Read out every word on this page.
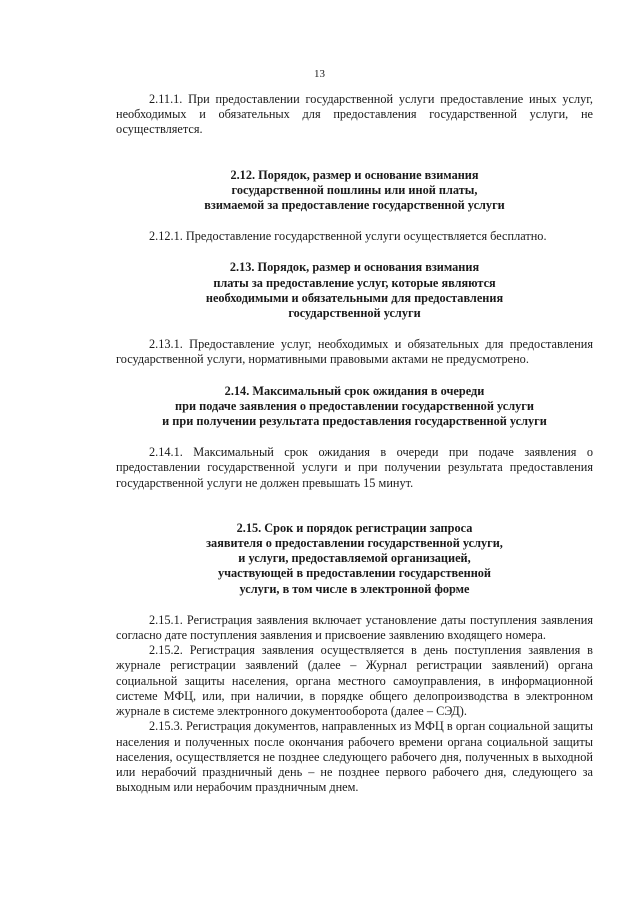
13

2.11.1. При предоставлении государственной услуги предоставление иных услуг, необходимых и обязательных для предоставления государственной услуги, не осуществляется.

2.12. Порядок, размер и основание взимания
государственной пошлины или иной платы,
взимаемой за предоставление государственной услуги

2.12.1. Предоставление государственной услуги осуществляется бесплатно.

2.13. Порядок, размер и основания взимания
платы за предоставление услуг, которые являются
необходимыми и обязательными для предоставления
государственной услуги

2.13.1. Предоставление услуг, необходимых и обязательных для предоставления государственной услуги, нормативными правовыми актами не предусмотрено.

2.14. Максимальный срок ожидания в очереди
при подаче заявления о предоставлении государственной услуги
и при получении результата предоставления государственной услуги

2.14.1. Максимальный срок ожидания в очереди при подаче заявления о предоставлении государственной услуги и при получении результата предоставления государственной услуги не должен превышать 15 минут.

2.15. Срок и порядок регистрации запроса
заявителя о предоставлении государственной услуги,
и услуги, предоставляемой организацией,
участвующей в предоставлении государственной
услуги, в том числе в электронной форме

2.15.1. Регистрация заявления включает установление даты поступления заявления согласно дате поступления заявления и присвоение заявлению входящего номера.

2.15.2. Регистрация заявления осуществляется в день поступления заявления в журнале регистрации заявлений (далее – Журнал регистрации заявлений) органа социальной защиты населения, органа местного самоуправления, в информационной системе МФЦ, или, при наличии, в порядке общего делопроизводства в электронном журнале в системе электронного документооборота (далее – СЭД).

2.15.3. Регистрация документов, направленных из МФЦ в орган социальной защиты населения и полученных после окончания рабочего времени органа социальной защиты населения, осуществляется не позднее следующего рабочего дня, полученных в выходной или нерабочий праздничный день – не позднее первого рабочего дня, следующего за выходным или нерабочим праздничным днем.
